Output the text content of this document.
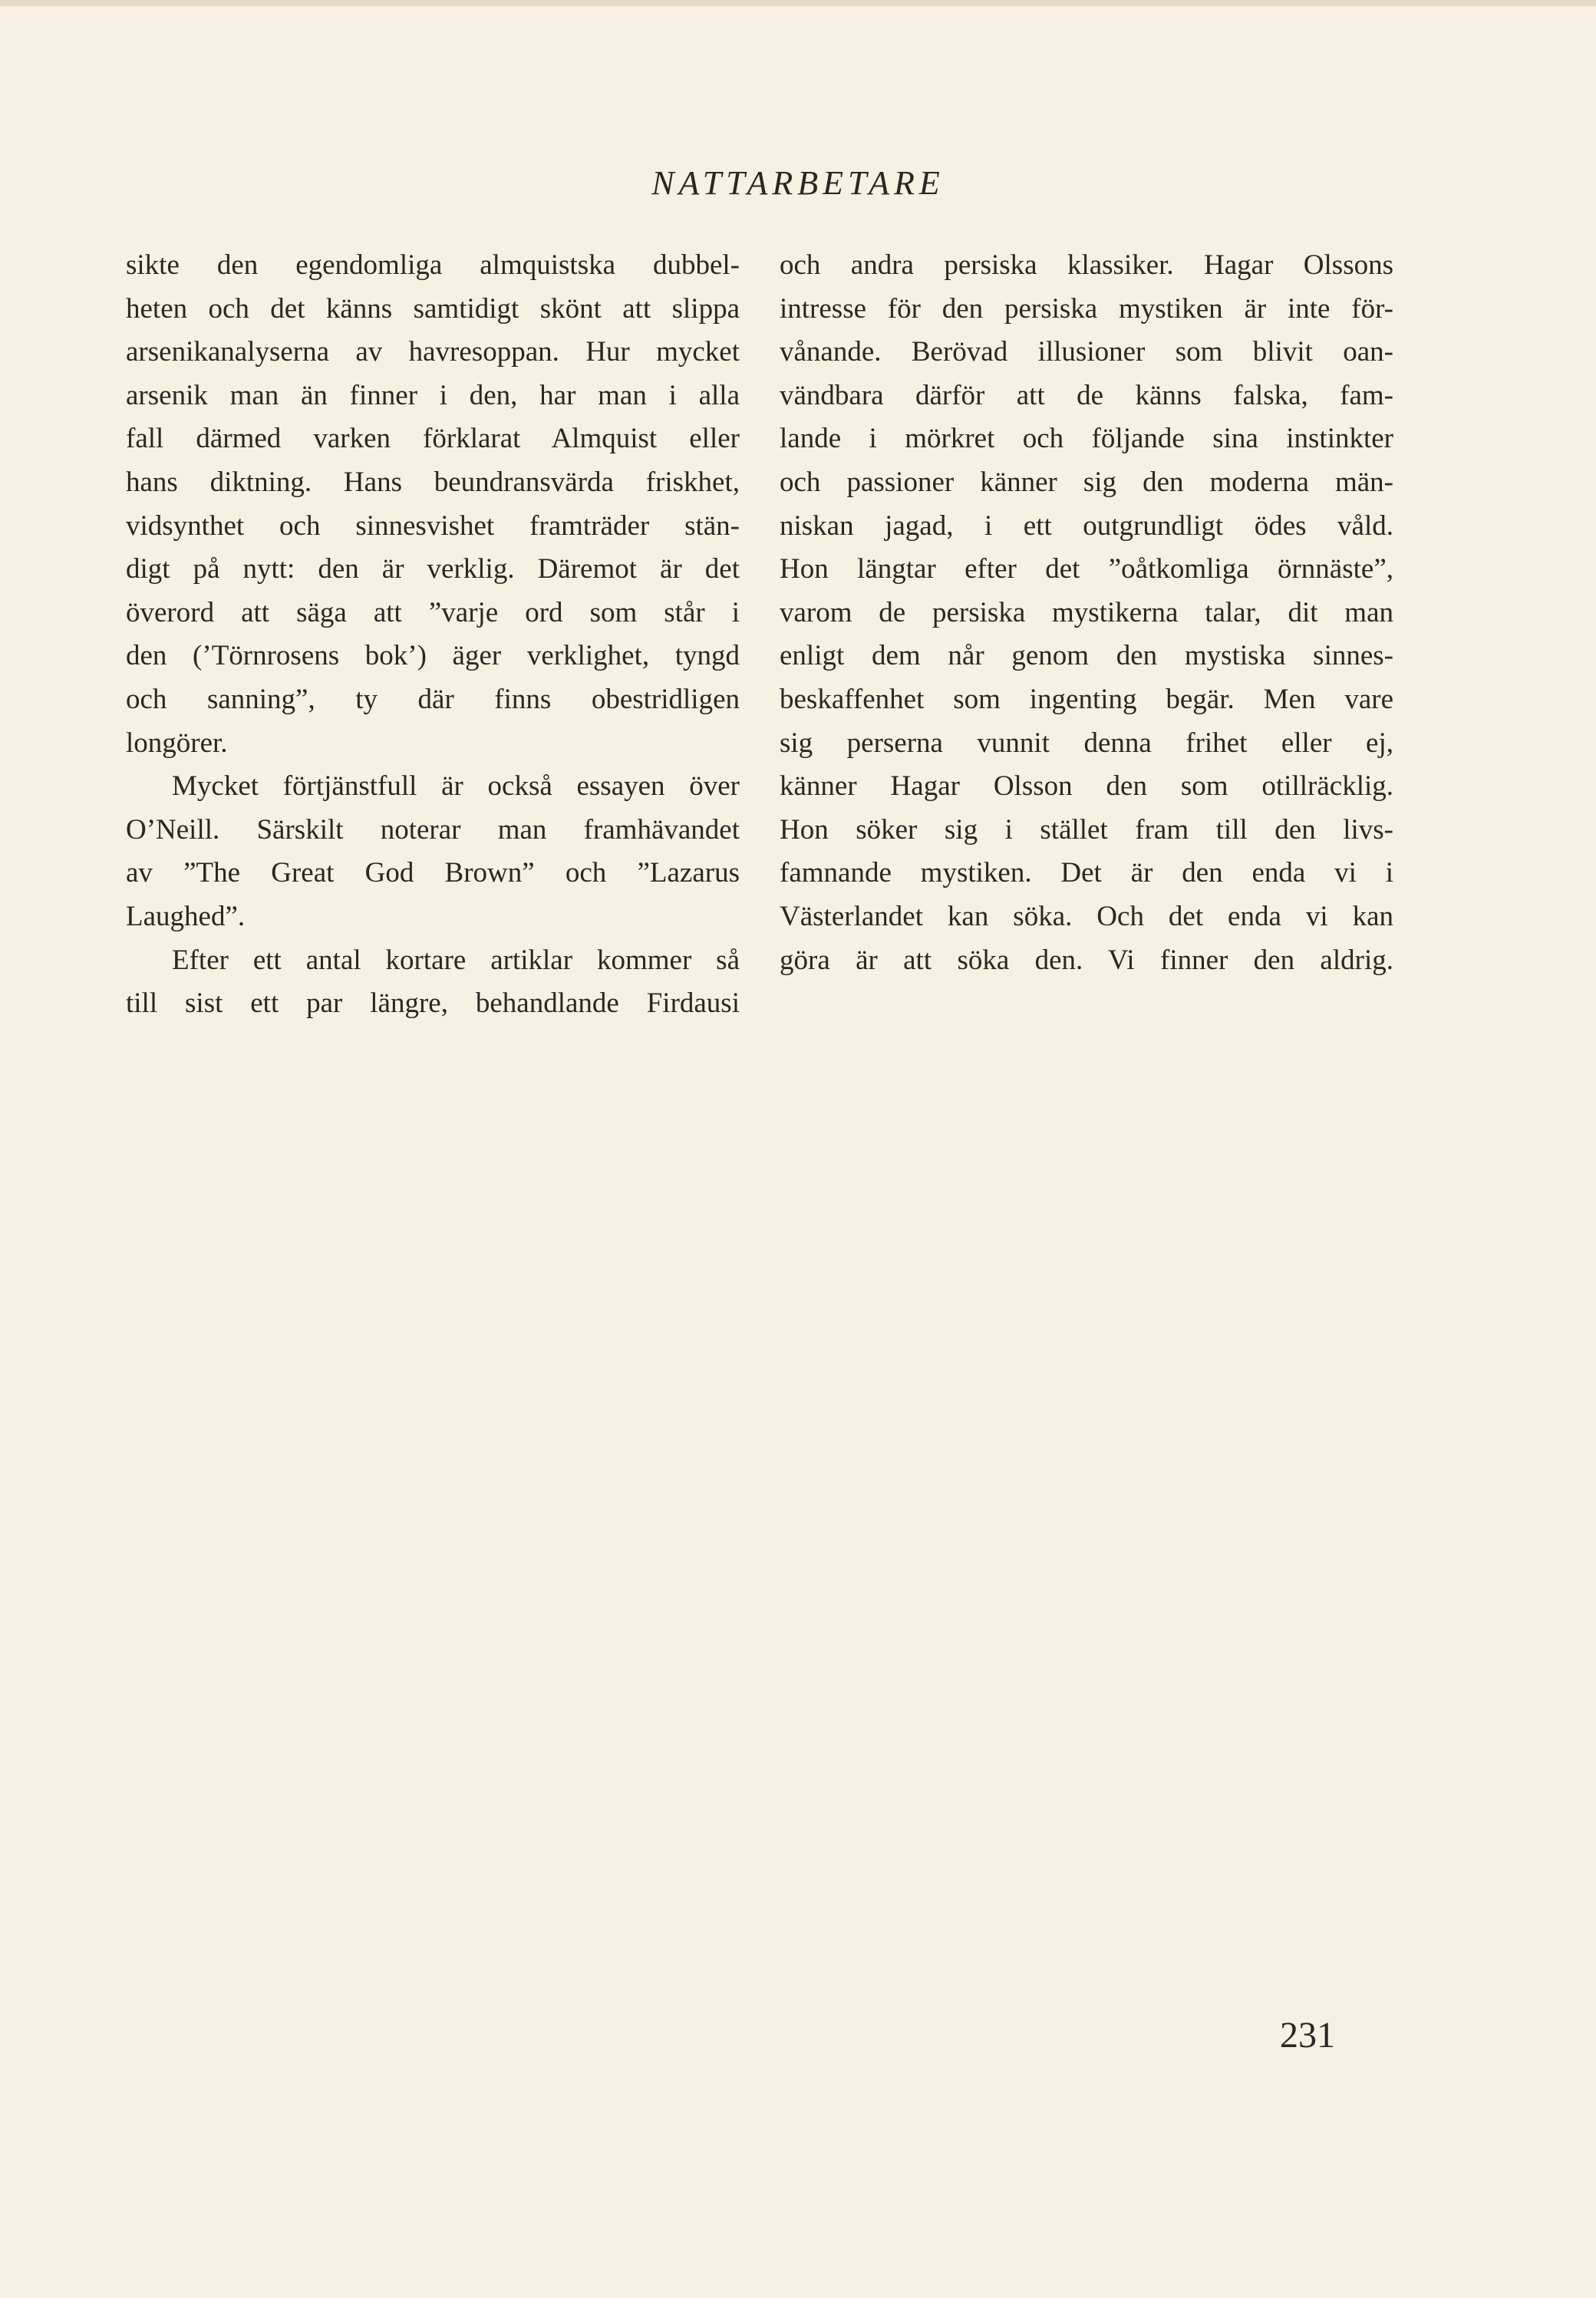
NATTARBETARE
sikte den egendomliga almquistska dubbel-
heten och det känns samtidigt skönt att slippa
arsenikanalyserna av havresoppan. Hur mycket
arsenik man än finner i den, har man i alla
fall därmed varken förklarat Almquist eller
hans diktning. Hans beundransvärda friskhet,
vidsynthet och sinnesvishet framträder stän-
digt på nytt: den är verklig. Däremot är det
överord att säga att ”varje ord som står i
den (’Törnrosens bok’) äger verklighet, tyngd
och sanning”, ty där finns obestridligen
longörer.
Mycket förtjänstfull är också essayen över
O’Neill. Särskilt noterar man framhävandet
av ”The Great God Brown” och ”Lazarus
Laughed”.
Efter ett antal kortare artiklar kommer så
till sist ett par längre, behandlande Firdausi
och andra persiska klassiker. Hagar Olssons
intresse för den persiska mystiken är inte för-
vånande. Berövad illusioner som blivit oan-
vändbara därför att de känns falska, fam-
lande i mörkret och följande sina instinkter
och passioner känner sig den moderna män-
niskan jagad, i ett outgrundligt ödes våld.
Hon längtar efter det ”oåtkomliga örnnäste”,
varom de persiska mystikerna talar, dit man
enligt dem når genom den mystiska sinnes-
beskaffenhet som ingenting begär. Men vare
sig perserna vunnit denna frihet eller ej,
känner Hagar Olsson den som otillräcklig.
Hon söker sig i stället fram till den livs-
famnande mystiken. Det är den enda vi i
Västerlandet kan söka. Och det enda vi kan
göra är att söka den. Vi finner den aldrig.
231
